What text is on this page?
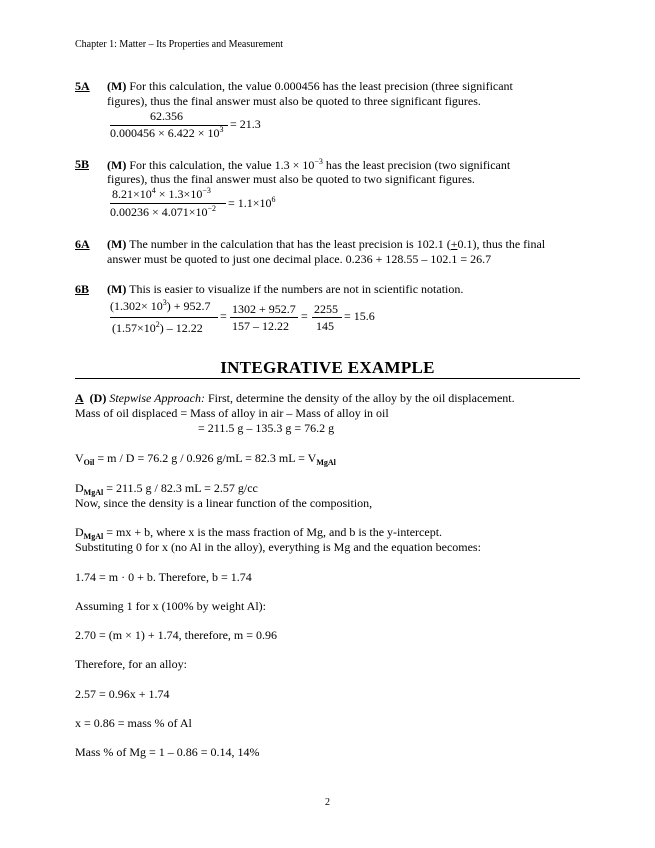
Chapter 1: Matter – Its Properties and Measurement
5A (M) For this calculation, the value 0.000456 has the least precision (three significant
figures), thus the final answer must also be quoted to three significant figures.
62.356
$0.000456 \times 6.422 \times 10^3 = 21.3$
5B (M) For this calculation, the value $1.3 \times 10^{-3}$ has the least precision (two significant
figures), thus the final answer must also be quoted to two significant figures.
$8.21\times 10^4 \times 1.3\times 10^{-3}$
$0.00236 \times 4.071\times 10^{-2} = 1.1\times 10^6$
6A (M) The number in the calculation that has the least precision is 102.1 (+0.1), thus the final
answer must be quoted to just one decimal place. 0.236 + 128.55 – 102.1 = 26.7
6B (M) This is easier to visualize if the numbers are not in scientific notation.
$(1.302\times 10^3) + 952.7$
$(1.57\times 10^2) - 12.22$
= 1302 + 952.7
157 – 12.22
= 2255
145
= 15.6
INTEGRATIVE EXAMPLE
A (D) Stepwise Approach: First, determine the density of the alloy by the oil displacement.
Mass of oil displaced = Mass of alloy in air – Mass of alloy in oil
= 211.5 g – 135.3 g = 76.2 g
$V_{Oil} = m / D = 76.2$ g / 0.926 g/mL = 82.3 mL = $V_{MgAl}$
$D_{MgAl} = 211.5$ g / 82.3 mL = 2.57 g/cc
Now, since the density is a linear function of the composition,
$D_{MgAl}$ = mx + b, where x is the mass fraction of Mg, and b is the y-intercept.
Substituting 0 for x (no Al in the alloy), everything is Mg and the equation becomes:
1.74 = m · 0 + b. Therefore, b = 1.74
Assuming 1 for x (100% by weight Al):
2.70 = (m × 1) + 1.74, therefore, m = 0.96
Therefore, for an alloy:
2.57 = 0.96x + 1.74
x = 0.86 = mass % of Al
Mass % of Mg = 1 – 0.86 = 0.14, 14%
2
